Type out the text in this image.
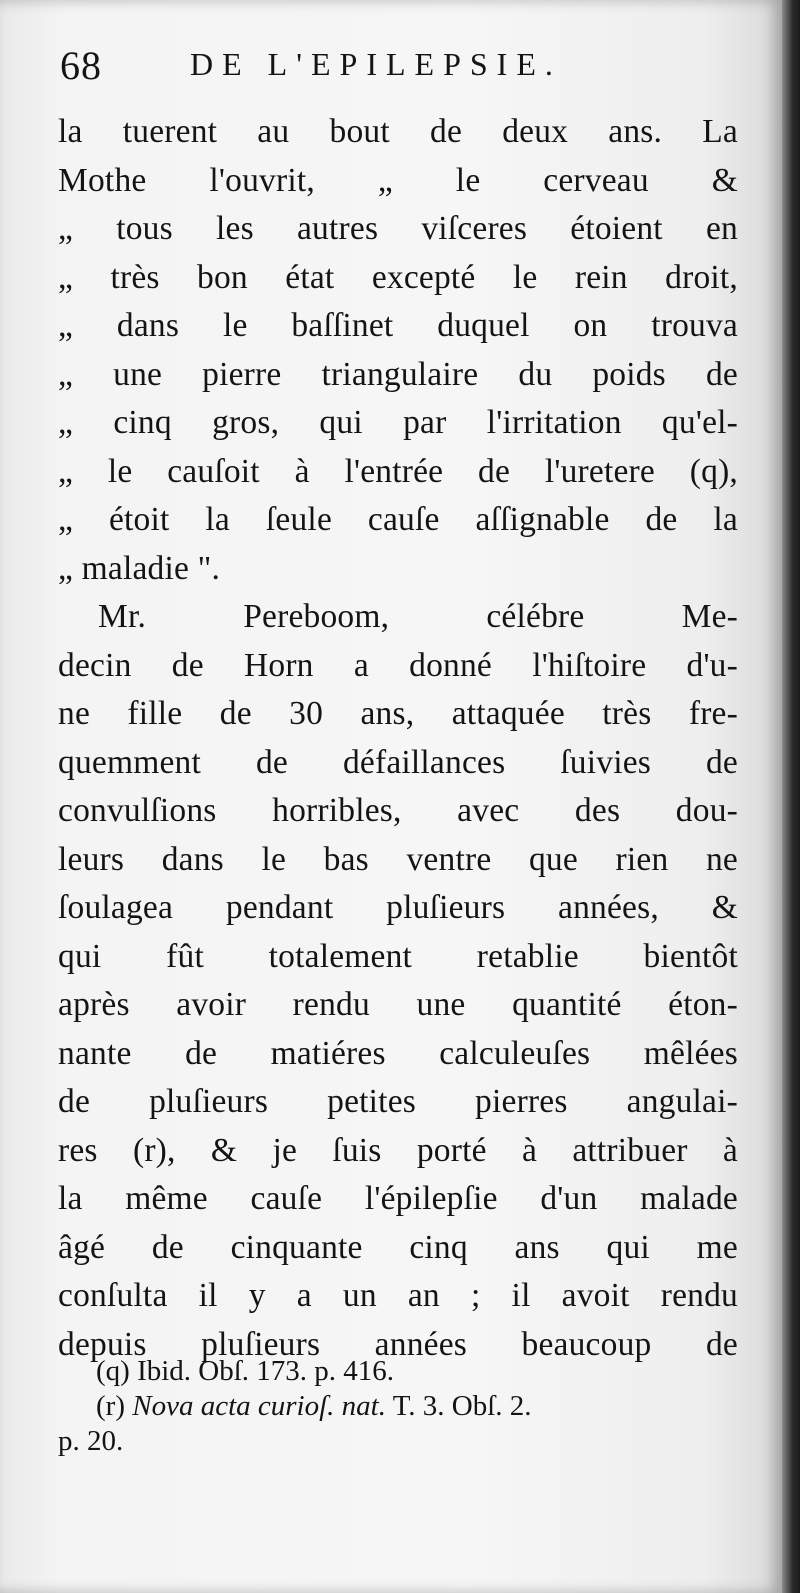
68	DE L'EPILEPSIE.
la tuerent au bout de deux ans. La
Mothe l'ouvrit, „ le cerveau &
„ tous les autres viſceres étoient en
„ très bon état excepté le rein droit,
„ dans le baſſinet duquel on trouva
„ une pierre triangulaire du poids de
„ cinq gros, qui par l'irritation qu'el-
„ le cauſoit à l'entrée de l'uretere (q),
„ étoit la ſeule cauſe aſſignable de la
„ maladie ".
Mr. Pereboom, célébre Me-
decin de Horn a donné l'hiſtoire d'u-
ne fille de 30 ans, attaquée très fre-
quemment de défaillances ſuivies de
convulſions horribles, avec des dou-
leurs dans le bas ventre que rien ne
ſoulagea pendant pluſieurs années, &
qui fût totalement retablie bientôt
après avoir rendu une quantité éton-
nante de matiéres calculeuſes mêlées
de pluſieurs petites pierres angulai-
res (r), & je ſuis porté à attribuer à
la même cauſe l'épilepſie d'un malade
âgé de cinquante cinq ans qui me
conſulta il y a un an ; il avoit rendu
depuis pluſieurs années beaucoup de
(q) Ibid. Obſ. 173. p. 416.
(r) Nova acta curioſ. nat. T. 3. Obſ. 2.
p. 20.
